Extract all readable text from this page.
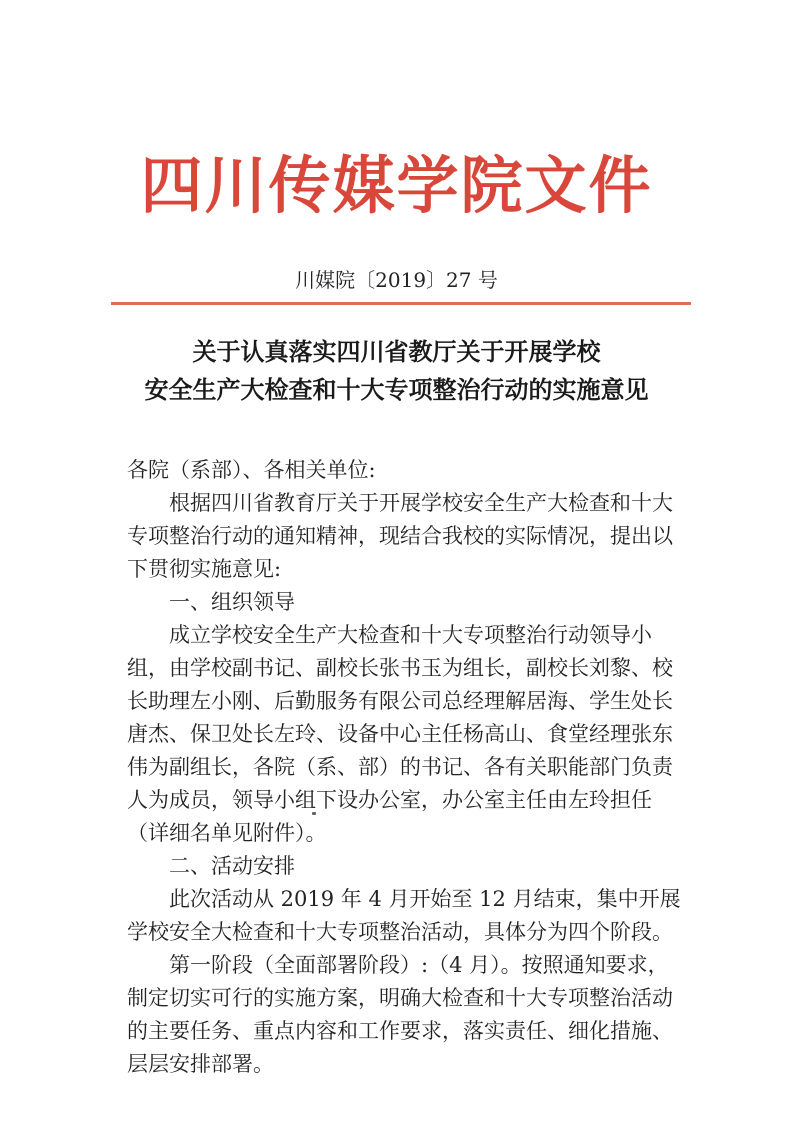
四川传媒学院文件
川媒院〔2019〕27 号
关于认真落实四川省教厅关于开展学校
安全生产大检查和十大专项整治行动的实施意见

各院（系部）、各相关单位:

根据四川省教育厅关于开展学校安全生产大检查和十大专项整治行动的通知精神，现结合我校的实际情况，提出以下贯彻实施意见:

一、组织领导

成立学校安全生产大检查和十大专项整治行动领导小组，由学校副书记、副校长张书玉为组长，副校长刘黎、校长助理左小刚、后勤服务有限公司总经理解居海、学生处长唐杰、保卫处长左玲、设备中心主任杨高山、食堂经理张东伟为副组长，各院（系、部）的书记、各有关职能部门负责人为成员，领导小组下设办公室，办公室主任由左玲担任（详细名单见附件）。

二、活动安排

此次活动从 2019 年 4 月开始至 12 月结束，集中开展学校安全大检查和十大专项整治活动，具体分为四个阶段。

第一阶段（全面部署阶段）:（4 月）。按照通知要求，制定切实可行的实施方案，明确大检查和十大专项整治活动的主要任务、重点内容和工作要求，落实责任、细化措施、层层安排部署。
